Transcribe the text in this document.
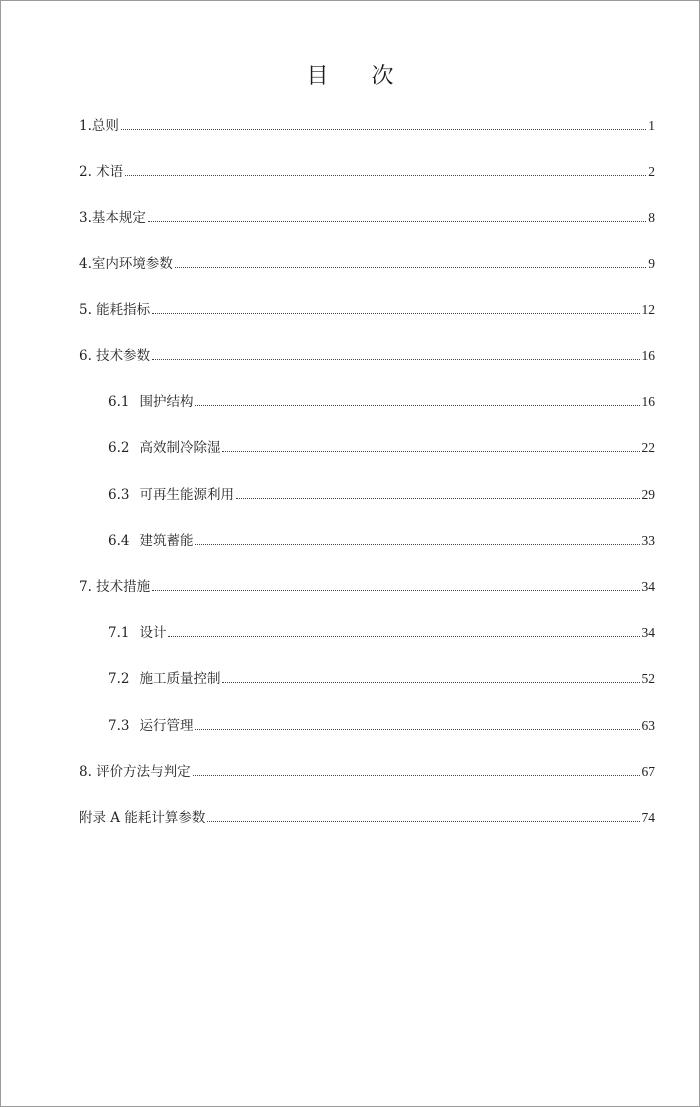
目 次
1.总则	1
2. 术语	2
3.基本规定	8
4.室内环境参数	9
5. 能耗指标	12
6. 技术参数	16
6.1 围护结构	16
6.2 高效制冷除湿	22
6.3 可再生能源利用	29
6.4 建筑蓄能	33
7. 技术措施	34
7.1 设计	34
7.2 施工质量控制	52
7.3 运行管理	63
8. 评价方法与判定	67
附录 A 能耗计算参数	74
